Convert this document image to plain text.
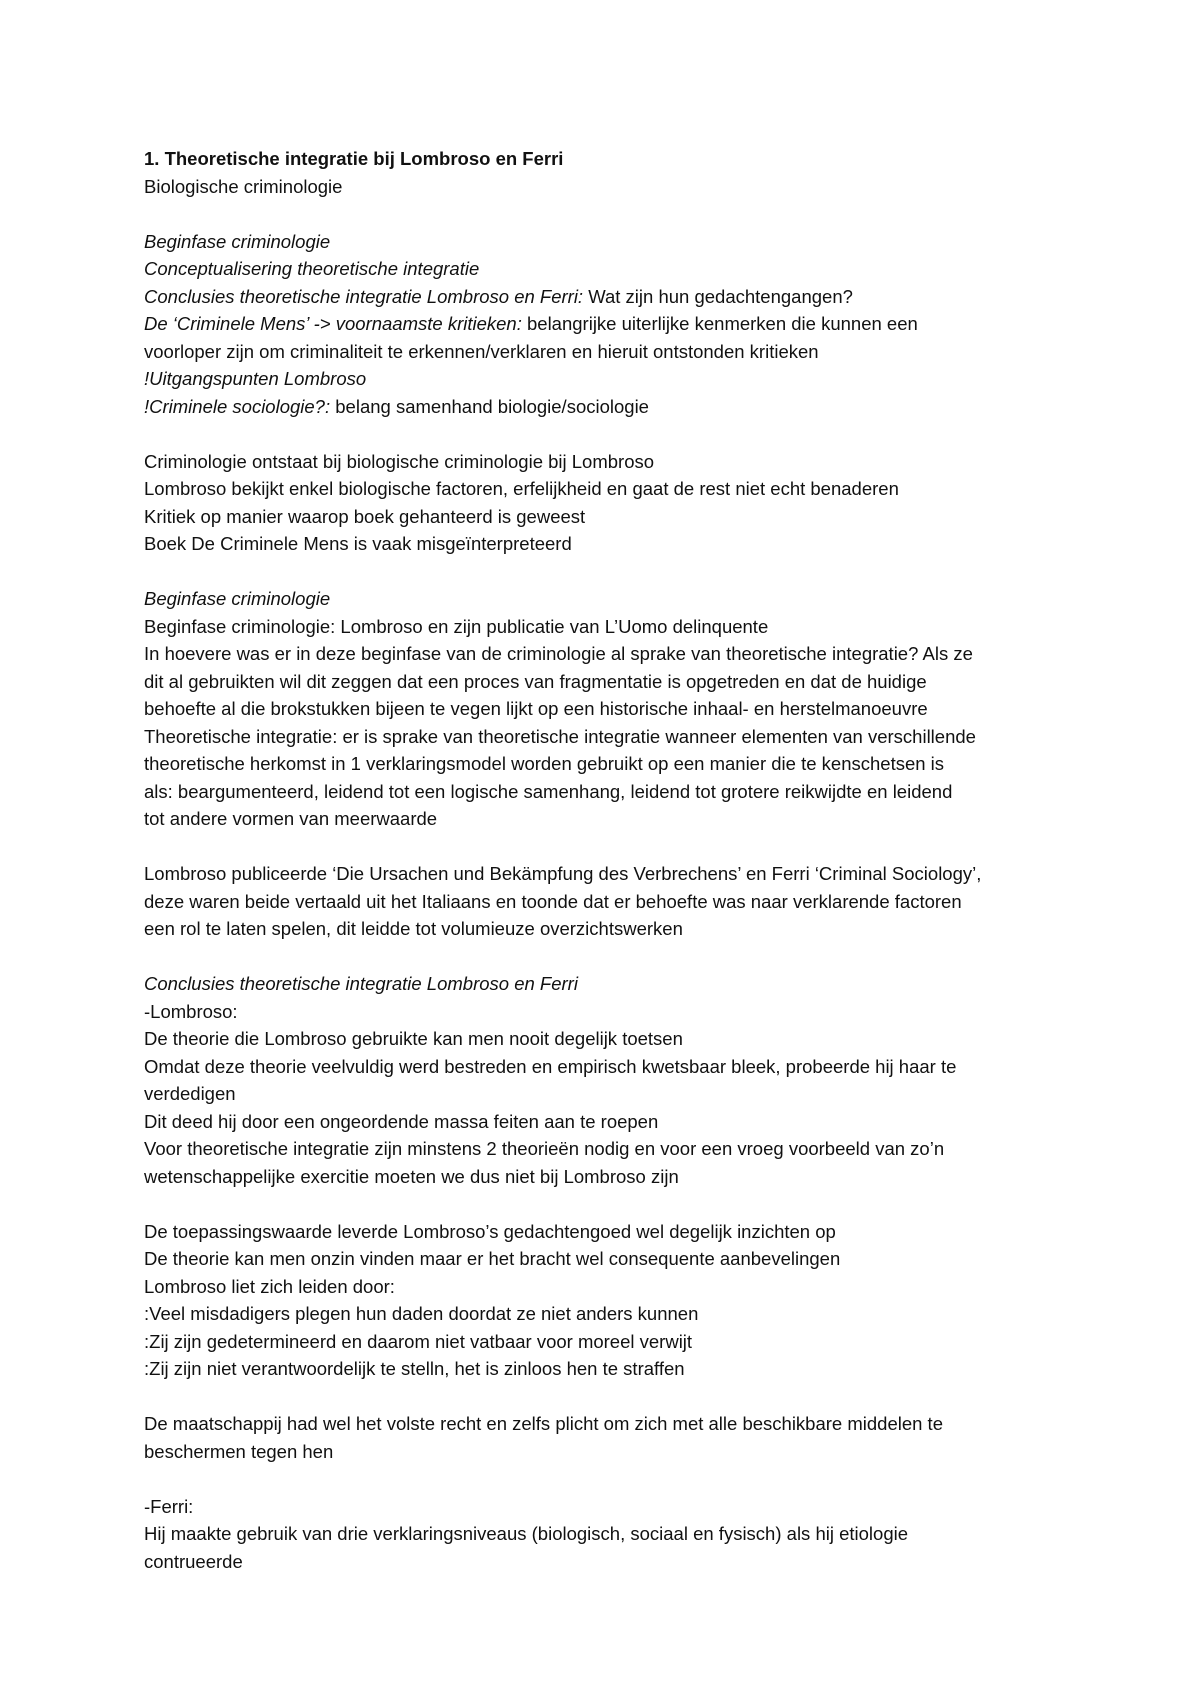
1. Theoretische integratie bij Lombroso en Ferri
Biologische criminologie
Beginfase criminologie
Conceptualisering theoretische integratie
Conclusies theoretische integratie Lombroso en Ferri: Wat zijn hun gedachtengangen?
De ‘Criminele Mens’ -> voornaamste kritieken: belangrijke uiterlijke kenmerken die kunnen een
voorloper zijn om criminaliteit te erkennen/verklaren en hieruit ontstonden kritieken
!Uitgangspunten Lombroso
!Criminele sociologie?: belang samenhand biologie/sociologie
Criminologie ontstaat bij biologische criminologie bij Lombroso
Lombroso bekijkt enkel biologische factoren, erfelijkheid en gaat de rest niet echt benaderen
Kritiek op manier waarop boek gehanteerd is geweest
Boek De Criminele Mens is vaak misgeïnterpreteerd
Beginfase criminologie
Beginfase criminologie: Lombroso en zijn publicatie van L’Uomo delinquente
In hoevere was er in deze beginfase van de criminologie al sprake van theoretische integratie? Als ze
dit al gebruikten wil dit zeggen dat een proces van fragmentatie is opgetreden en dat de huidige
behoefte al die brokstukken bijeen te vegen lijkt op een historische inhaal- en herstelmanoeuvre
Theoretische integratie: er is sprake van theoretische integratie wanneer elementen van verschillende
theoretische herkomst in 1 verklaringsmodel worden gebruikt op een manier die te kenschetsen is
als: beargumenteerd, leidend tot een logische samenhang, leidend tot grotere reikwijdte en leidend
tot andere vormen van meerwaarde
Lombroso publiceerde ‘Die Ursachen und Bekämpfung des Verbrechens’ en Ferri ‘Criminal Sociology’,
deze waren beide vertaald uit het Italiaans en toonde dat er behoefte was naar verklarende factoren
een rol te laten spelen, dit leidde tot volumieuze overzichtswerken
Conclusies theoretische integratie Lombroso en Ferri
-Lombroso:
De theorie die Lombroso gebruikte kan men nooit degelijk toetsen
Omdat deze theorie veelvuldig werd bestreden en empirisch kwetsbaar bleek, probeerde hij haar te
verdedigen
Dit deed hij door een ongeordende massa feiten aan te roepen
Voor theoretische integratie zijn minstens 2 theorieën nodig en voor een vroeg voorbeeld van zo’n
wetenschappelijke exercitie moeten we dus niet bij Lombroso zijn
De toepassingswaarde leverde Lombroso’s gedachtengoed wel degelijk inzichten op
De theorie kan men onzin vinden maar er het bracht wel consequente aanbevelingen
Lombroso liet zich leiden door:
:Veel misdadigers plegen hun daden doordat ze niet anders kunnen
:Zij zijn gedetermineerd en daarom niet vatbaar voor moreel verwijt
:Zij zijn niet verantwoordelijk te stelln, het is zinloos hen te straffen
De maatschappij had wel het volste recht en zelfs plicht om zich met alle beschikbare middelen te
beschermen tegen hen
-Ferri:
Hij maakte gebruik van drie verklaringsniveaus (biologisch, sociaal en fysisch) als hij etiologie
contrueerde
